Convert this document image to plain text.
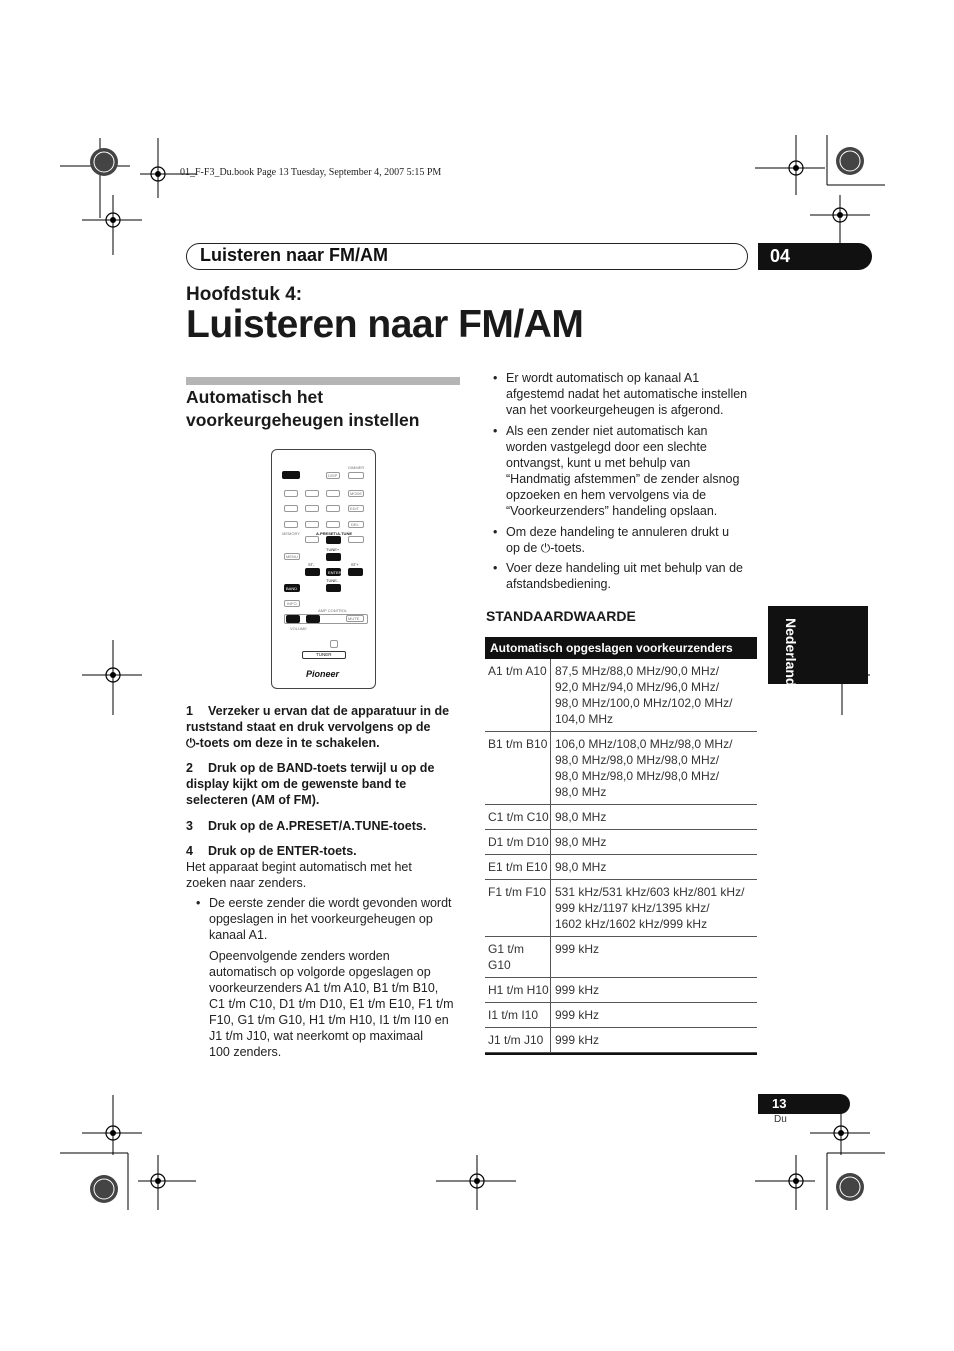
01_F-F3_Du.book Page 13 Tuesday, September 4, 2007 5:15 PM
Luisteren naar FM/AM	04
Hoofdstuk 4:
Luisteren naar FM/AM
Automatisch het
voorkeurgeheugen instellen
DIMMER
DISP
MODE
EDIT
DEL
MEMORY	A.PRESET/A.TUNE
TUNE+
MENU
ST-	ST+
ENTER
TUNE-
BAND
INFO
AMP CONTROL
MUTE
VOLUME
TUNER
Pioneer
1 Verzeker u ervan dat de apparatuur in de
ruststand staat en druk vervolgens op de
⏻-toets om deze in te schakelen.
2 Druk op de BAND-toets terwijl u op de
display kijkt om de gewenste band te
selecteren (AM of FM).
3 Druk op de A.PRESET/A.TUNE-toets.
4 Druk op de ENTER-toets.
Het apparaat begint automatisch met het
zoeken naar zenders.
• De eerste zender die wordt gevonden wordt
opgeslagen in het voorkeurgeheugen op
kanaal A1.
Opeenvolgende zenders worden
automatisch op volgorde opgeslagen op
voorkeurzenders A1 t/m A10, B1 t/m B10,
C1 t/m C10, D1 t/m D10, E1 t/m E10, F1 t/m
F10, G1 t/m G10, H1 t/m H10, I1 t/m I10 en
J1 t/m J10, wat neerkomt op maximaal
100 zenders.
• Er wordt automatisch op kanaal A1
afgestemd nadat het automatische instellen
van het voorkeurgeheugen is afgerond.
• Als een zender niet automatisch kan
worden vastgelegd door een slechte
ontvangst, kunt u met behulp van
“Handmatig afstemmen” de zender alsnog
opzoeken en hem vervolgens via de
“Voorkeurzenders” handeling opslaan.
• Om deze handeling te annuleren drukt u
op de ⏻-toets.
• Voer deze handeling uit met behulp van de
afstandsbediening.
STANDAARDWAARDE
Automatisch opgeslagen voorkeurzenders
A1 t/m A10 87,5 MHz/88,0 MHz/90,0 MHz/
92,0 MHz/94,0 MHz/96,0 MHz/
98,0 MHz/100,0 MHz/102,0 MHz/
104,0 MHz
B1 t/m B10 106,0 MHz/108,0 MHz/98,0 MHz/
98,0 MHz/98,0 MHz/98,0 MHz/
98,0 MHz/98,0 MHz/98,0 MHz/
98,0 MHz
C1 t/m C10 98,0 MHz
D1 t/m D10 98,0 MHz
E1 t/m E10 98,0 MHz
F1 t/m F10 531 kHz/531 kHz/603 kHz/801 kHz/
999 kHz/1197 kHz/1395 kHz/
1602 kHz/1602 kHz/999 kHz
G1 t/m G10
999 kHz
H1 t/m H10 999 kHz
I1 t/m I10	999 kHz
J1 t/m J10 999 kHz
Nederlands
13
Du
